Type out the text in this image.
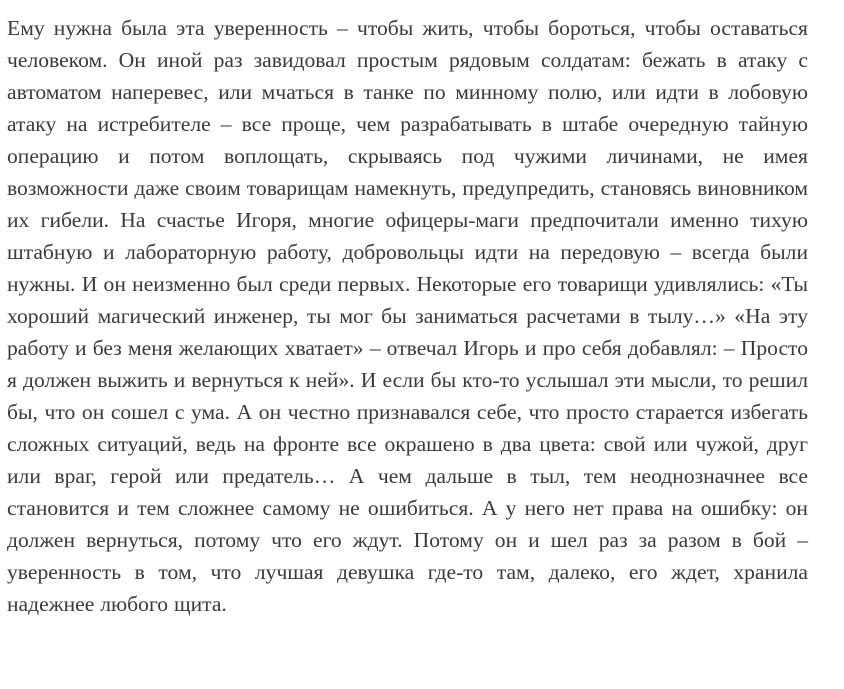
Ему нужна была эта уверенность – чтобы жить, чтобы бороться, чтобы оставаться человеком. Он иной раз завидовал простым рядовым солдатам: бежать в атаку с автоматом наперевес, или мчаться в танке по минному полю, или идти в лобовую атаку на истребителе – все проще, чем разрабатывать в штабе очередную тайную операцию и потом воплощать, скрываясь под чужими личинами, не имея возможности даже своим товарищам намекнуть, предупредить, становясь виновником их гибели. На счастье Игоря, многие офицеры-маги предпочитали именно тихую штабную и лабораторную работу, добровольцы идти на передовую – всегда были нужны. И он неизменно был среди первых. Некоторые его товарищи удивлялись: «Ты хороший магический инженер, ты мог бы заниматься расчетами в тылу…» «На эту работу и без меня желающих хватает» – отвечал Игорь и про себя добавлял: – Просто я должен выжить и вернуться к ней». И если бы кто-то услышал эти мысли, то решил бы, что он сошел с ума. А он честно признавался себе, что просто старается избегать сложных ситуаций, ведь на фронте все окрашено в два цвета: свой или чужой, друг или враг, герой или предатель… А чем дальше в тыл, тем неоднозначнее все становится и тем сложнее самому не ошибиться. А у него нет права на ошибку: он должен вернуться, потому что его ждут. Потому он и шел раз за разом в бой – уверенность в том, что лучшая девушка где-то там, далеко, его ждет, хранила надежнее любого щита.
